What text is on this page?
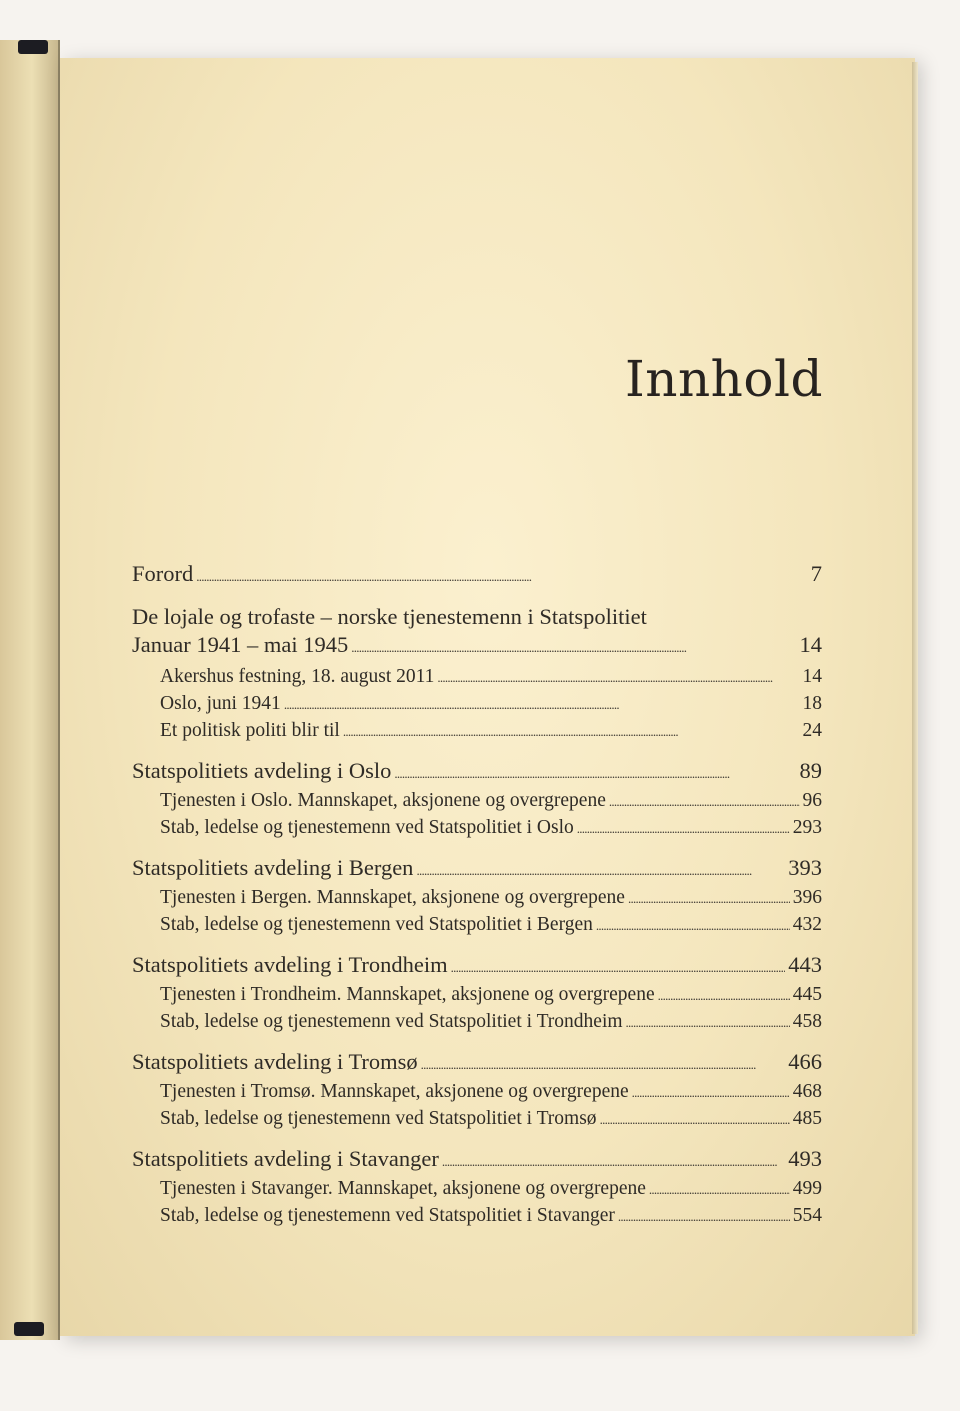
Innhold
Forord . . .	7
De lojale og trofaste – norske tjenestemenn i Statspolitiet
Januar 1941 – mai 1945 . . .	14
Akershus festning, 18. august 2011 . . .	14
Oslo, juni 1941 . . .	18
Et politisk politi blir til . . .	24
Statspolitiets avdeling i Oslo . . .	89
Tjenesten i Oslo. Mannskapet, aksjonene og overgrepene . . .	96
Stab, ledelse og tjenestemenn ved Statspolitiet i Oslo . . .	293
Statspolitiets avdeling i Bergen . . .	393
Tjenesten i Bergen. Mannskapet, aksjonene og overgrepene . . .	396
Stab, ledelse og tjenestemenn ved Statspolitiet i Bergen . . .	432
Statspolitiets avdeling i Trondheim . . .	443
Tjenesten i Trondheim. Mannskapet, aksjonene og overgrepene . . .	445
Stab, ledelse og tjenestemenn ved Statspolitiet i Trondheim . . .	458
Statspolitiets avdeling i Tromsø . . .	466
Tjenesten i Tromsø. Mannskapet, aksjonene og overgrepene . . .	468
Stab, ledelse og tjenestemenn ved Statspolitiet i Tromsø . . .	485
Statspolitiets avdeling i Stavanger . . .	493
Tjenesten i Stavanger. Mannskapet, aksjonene og overgrepene . . .	499
Stab, ledelse og tjenestemenn ved Statspolitiet i Stavanger . . .	554
